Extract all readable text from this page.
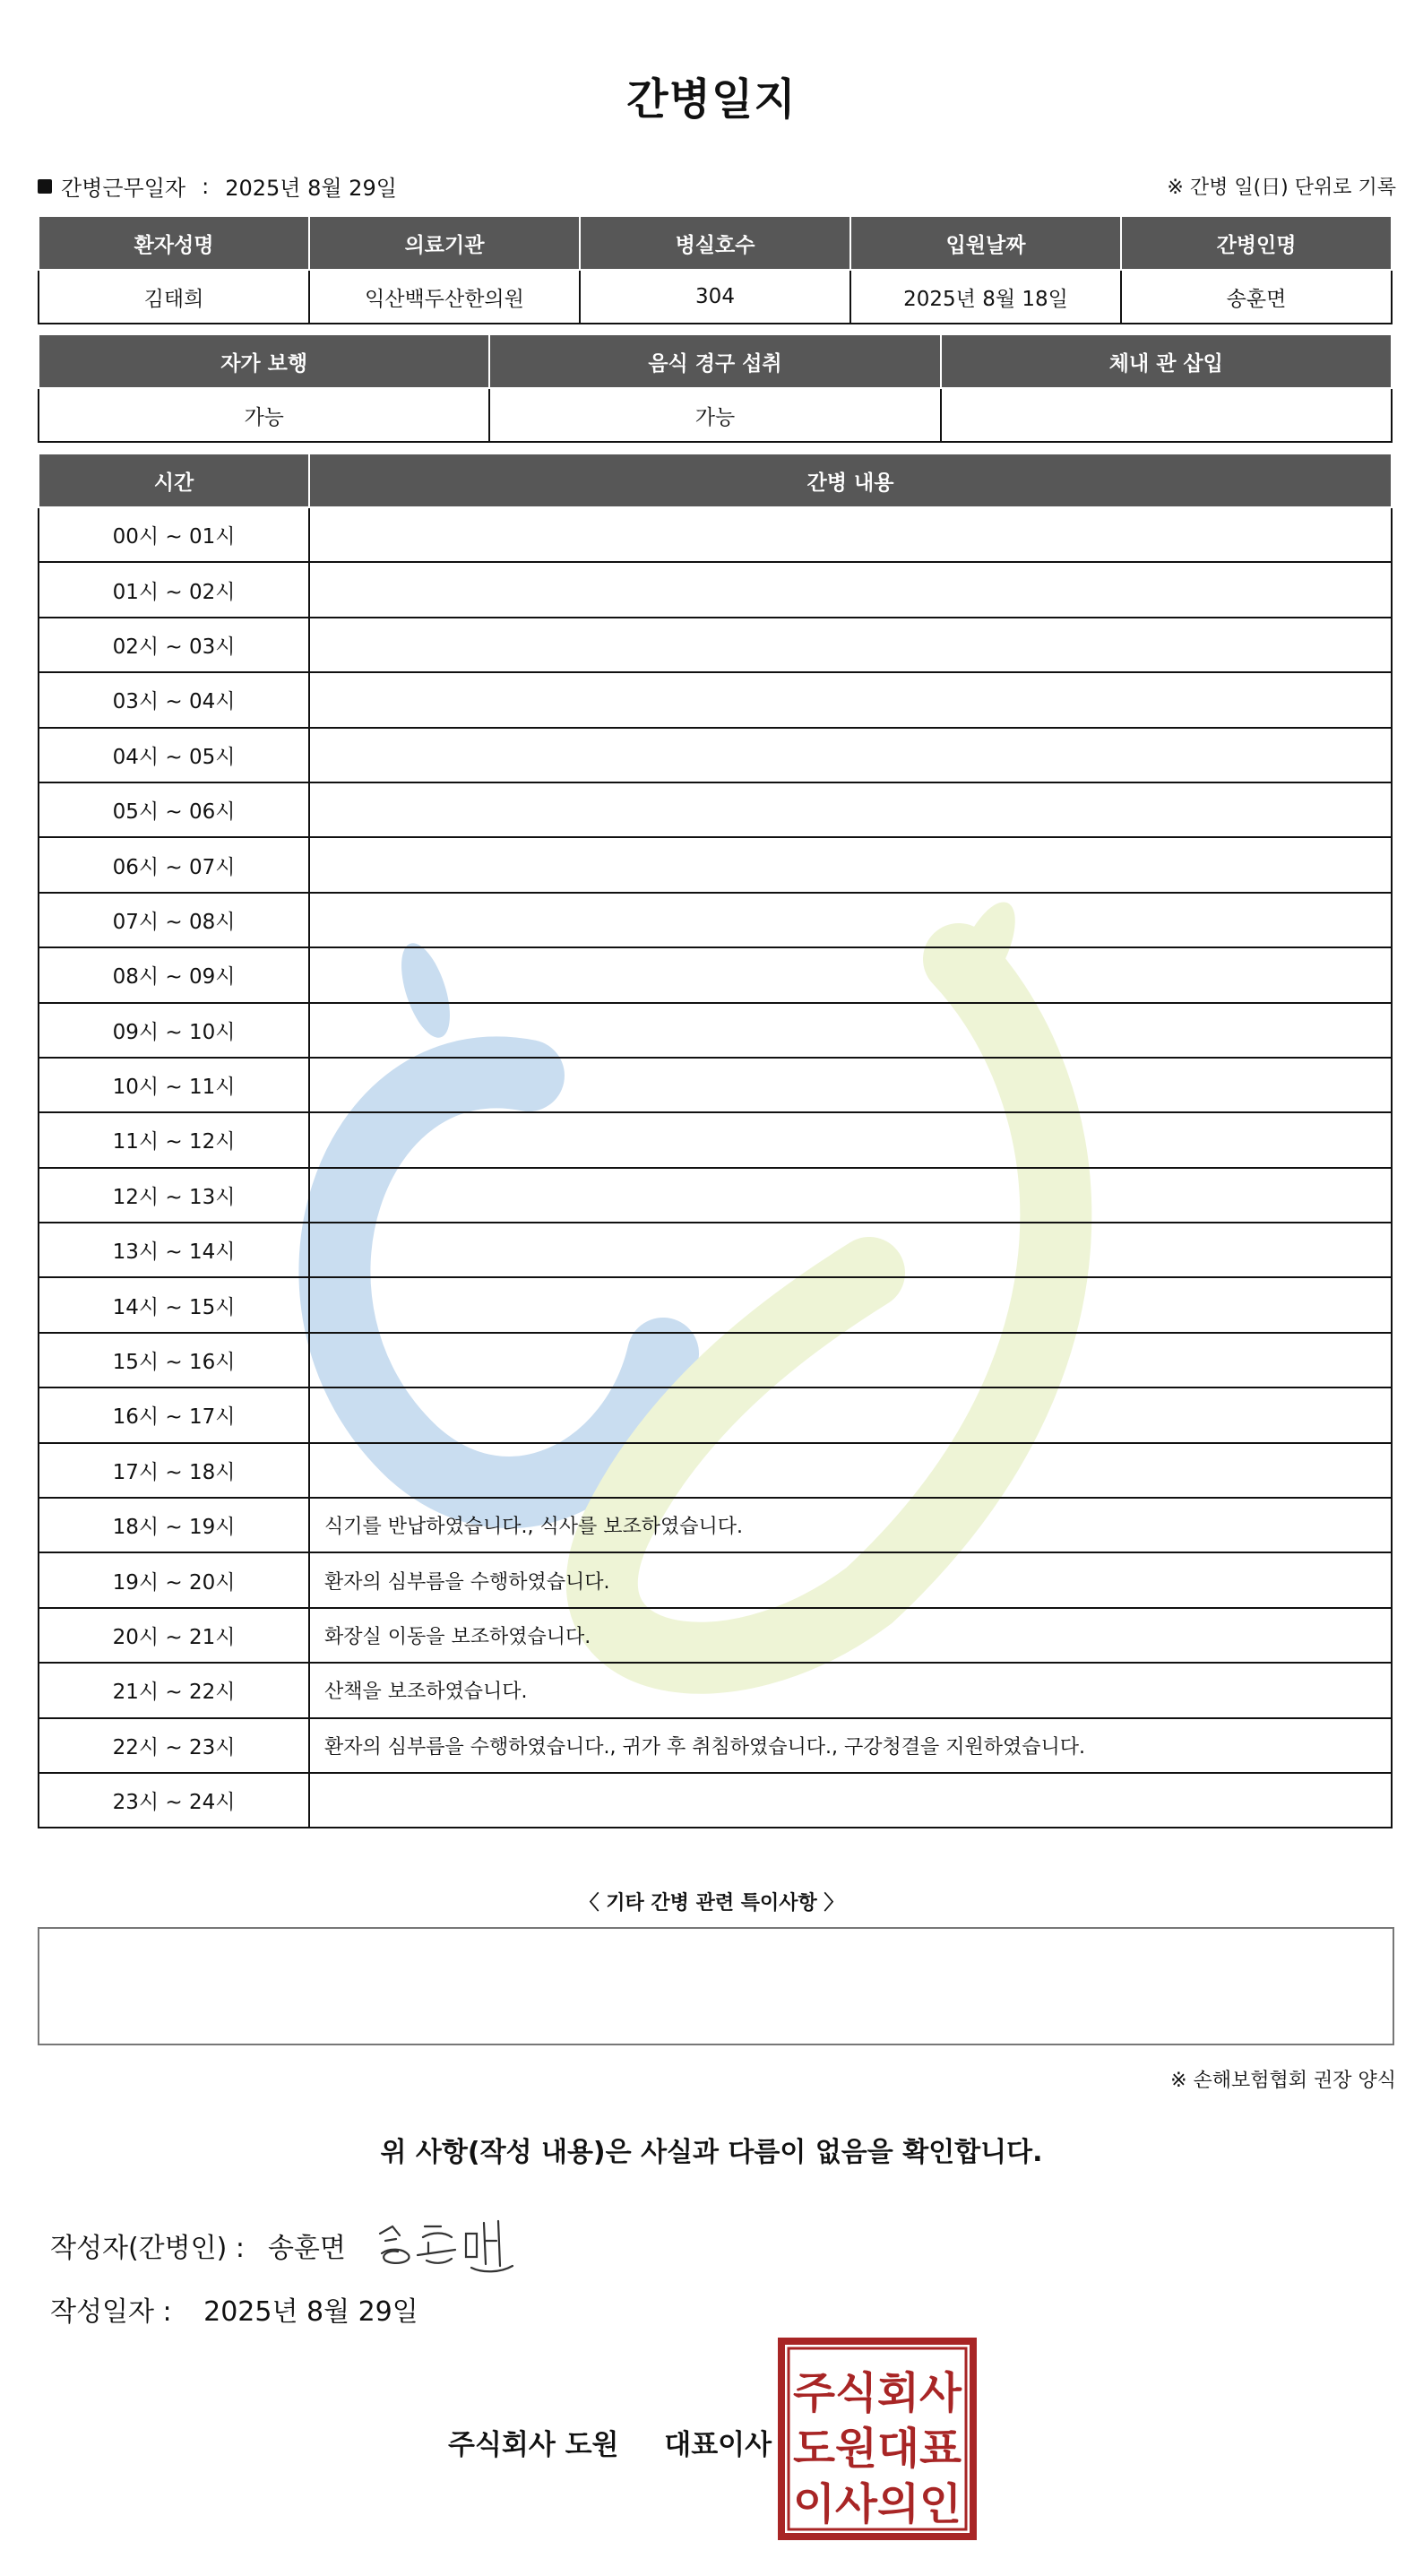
간병일지
간병근무일자 : 2025년 8월 29일	※ 간병 일(日) 단위로 기록
환자성명	의료기관	병실호수	입원날짜	간병인명
김태희	익산백두산한의원	304	2025년 8월 18일	송훈면
자가 보행	음식 경구 섭취	체내 관 삽입
가능	가능	
시간	간병 내용
00시 ~ 01시	
01시 ~ 02시	
02시 ~ 03시	
03시 ~ 04시	
04시 ~ 05시	
05시 ~ 06시	
06시 ~ 07시	
07시 ~ 08시	
08시 ~ 09시	
09시 ~ 10시	
10시 ~ 11시	
11시 ~ 12시	
12시 ~ 13시	
13시 ~ 14시	
14시 ~ 15시	
15시 ~ 16시	
16시 ~ 17시	
17시 ~ 18시	
18시 ~ 19시	식기를 반납하였습니다., 식사를 보조하였습니다.
19시 ~ 20시	환자의 심부름을 수행하였습니다.
20시 ~ 21시	화장실 이동을 보조하였습니다.
21시 ~ 22시	산책을 보조하였습니다.
22시 ~ 23시	환자의 심부름을 수행하였습니다., 귀가 후 취침하였습니다., 구강청결을 지원하였습니다.
23시 ~ 24시	
〈 기타 간병 관련 특이사항 〉
※ 손해보험협회 권장 양식
위 사항(작성 내용)은 사실과 다름이 없음을 확인합니다.
작성자(간병인) : 송훈면
작성일자 : 2025년 8월 29일
주식회사 도원 대표이사
주식회사
도원대표
이사의인
